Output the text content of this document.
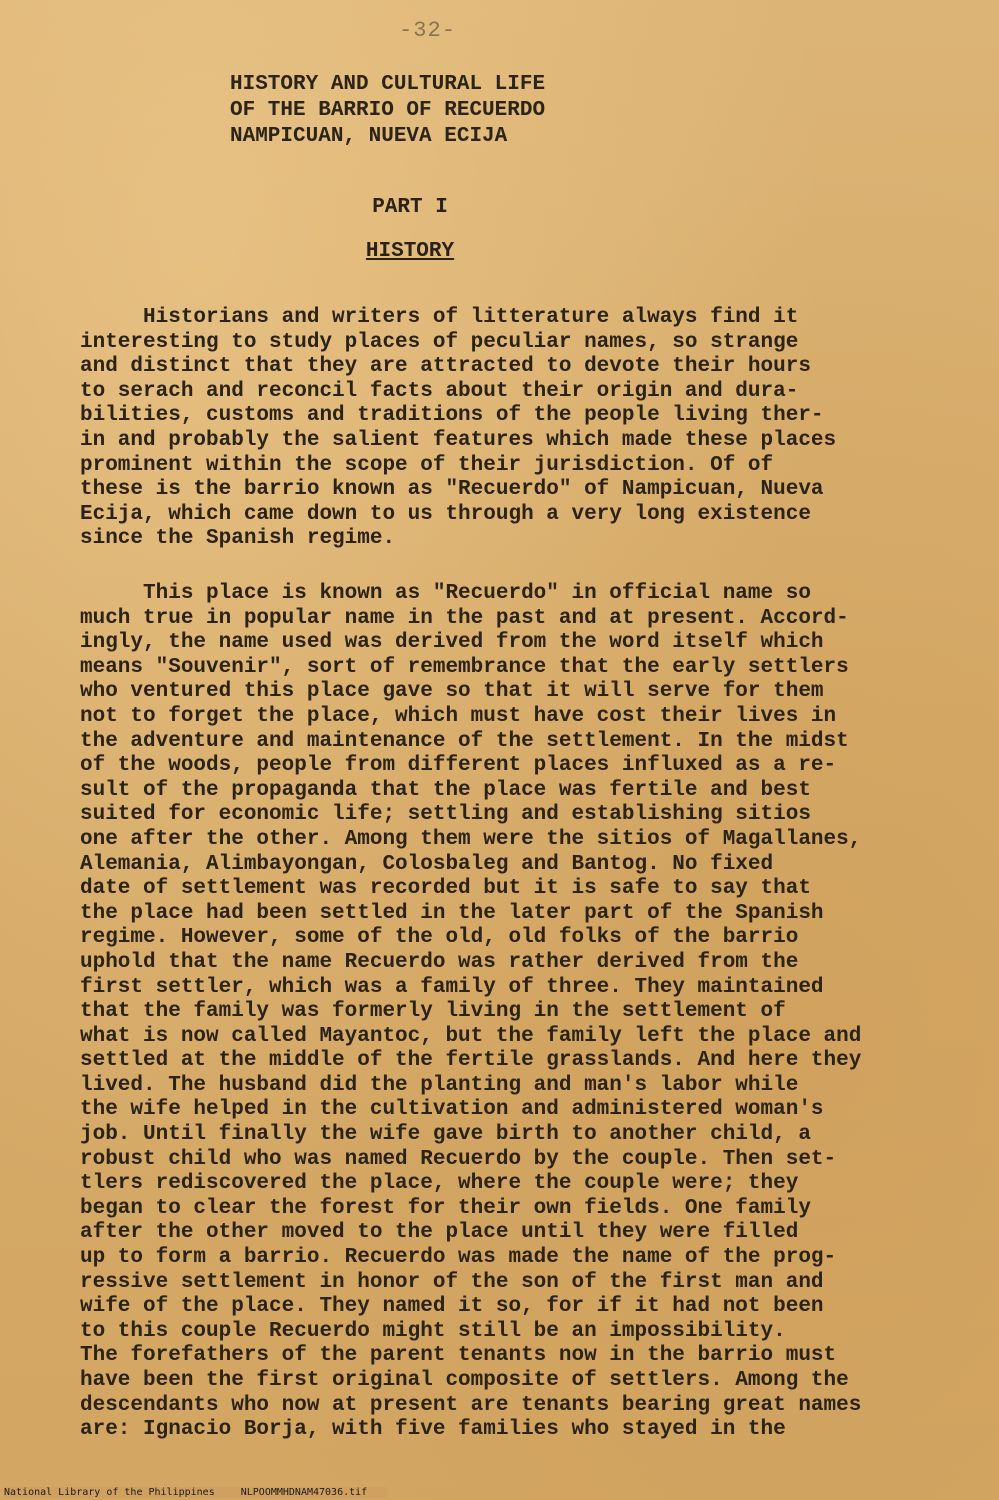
-32-
HISTORY AND CULTURAL LIFE
OF THE BARRIO OF RECUERDO
NAMPICUAN, NUEVA ECIJA
PART I
HISTORY
Historians and writers of litterature always find it
interesting to study places of peculiar names, so strange
and distinct that they are attracted to devote their hours
to serach and reconcil facts about their origin and dura-
bilities, customs and traditions of the people living ther-
in and probably the salient features which made these places
prominent within the scope of their jurisdiction. Of of
these is the barrio known as "Recuerdo" of Nampicuan, Nueva
Ecija, which came down to us through a very long existence
since the Spanish regime.
This place is known as "Recuerdo" in official name so
much true in popular name in the past and at present. Accord-
ingly, the name used was derived from the word itself which
means "Souvenir", sort of remembrance that the early settlers
who ventured this place gave so that it will serve for them
not to forget the place, which must have cost their lives in
the adventure and maintenance of the settlement. In the midst
of the woods, people from different places influxed as a re-
sult of the propaganda that the place was fertile and best
suited for economic life; settling and establishing sitios
one after the other. Among them were the sitios of Magallanes,
Alemania, Alimbayongan, Colosbaleg and Bantog. No fixed
date of settlement was recorded but it is safe to say that
the place had been settled in the later part of the Spanish
regime. However, some of the old, old folks of the barrio
uphold that the name Recuerdo was rather derived from the
first settler, which was a family of three. They maintained
that the family was formerly living in the settlement of
what is now called Mayantoc, but the family left the place and
settled at the middle of the fertile grasslands. And here they
lived. The husband did the planting and man's labor while
the wife helped in the cultivation and administered woman's
job. Until finally the wife gave birth to another child, a
robust child who was named Recuerdo by the couple. Then set-
tlers rediscovered the place, where the couple were; they
began to clear the forest for their own fields. One family
after the other moved to the place until they were filled
up to form a barrio. Recuerdo was made the name of the prog-
ressive settlement in honor of the son of the first man and
wife of the place. They named it so, for if it had not been
to this couple Recuerdo might still be an impossibility.
The forefathers of the parent tenants now in the barrio must
have been the first original composite of settlers. Among the
descendants who now at present are tenants bearing great names
are: Ignacio Borja, with five families who stayed in the
National Library of the Philippines	NLPOOMMHDNAM47036.tif
